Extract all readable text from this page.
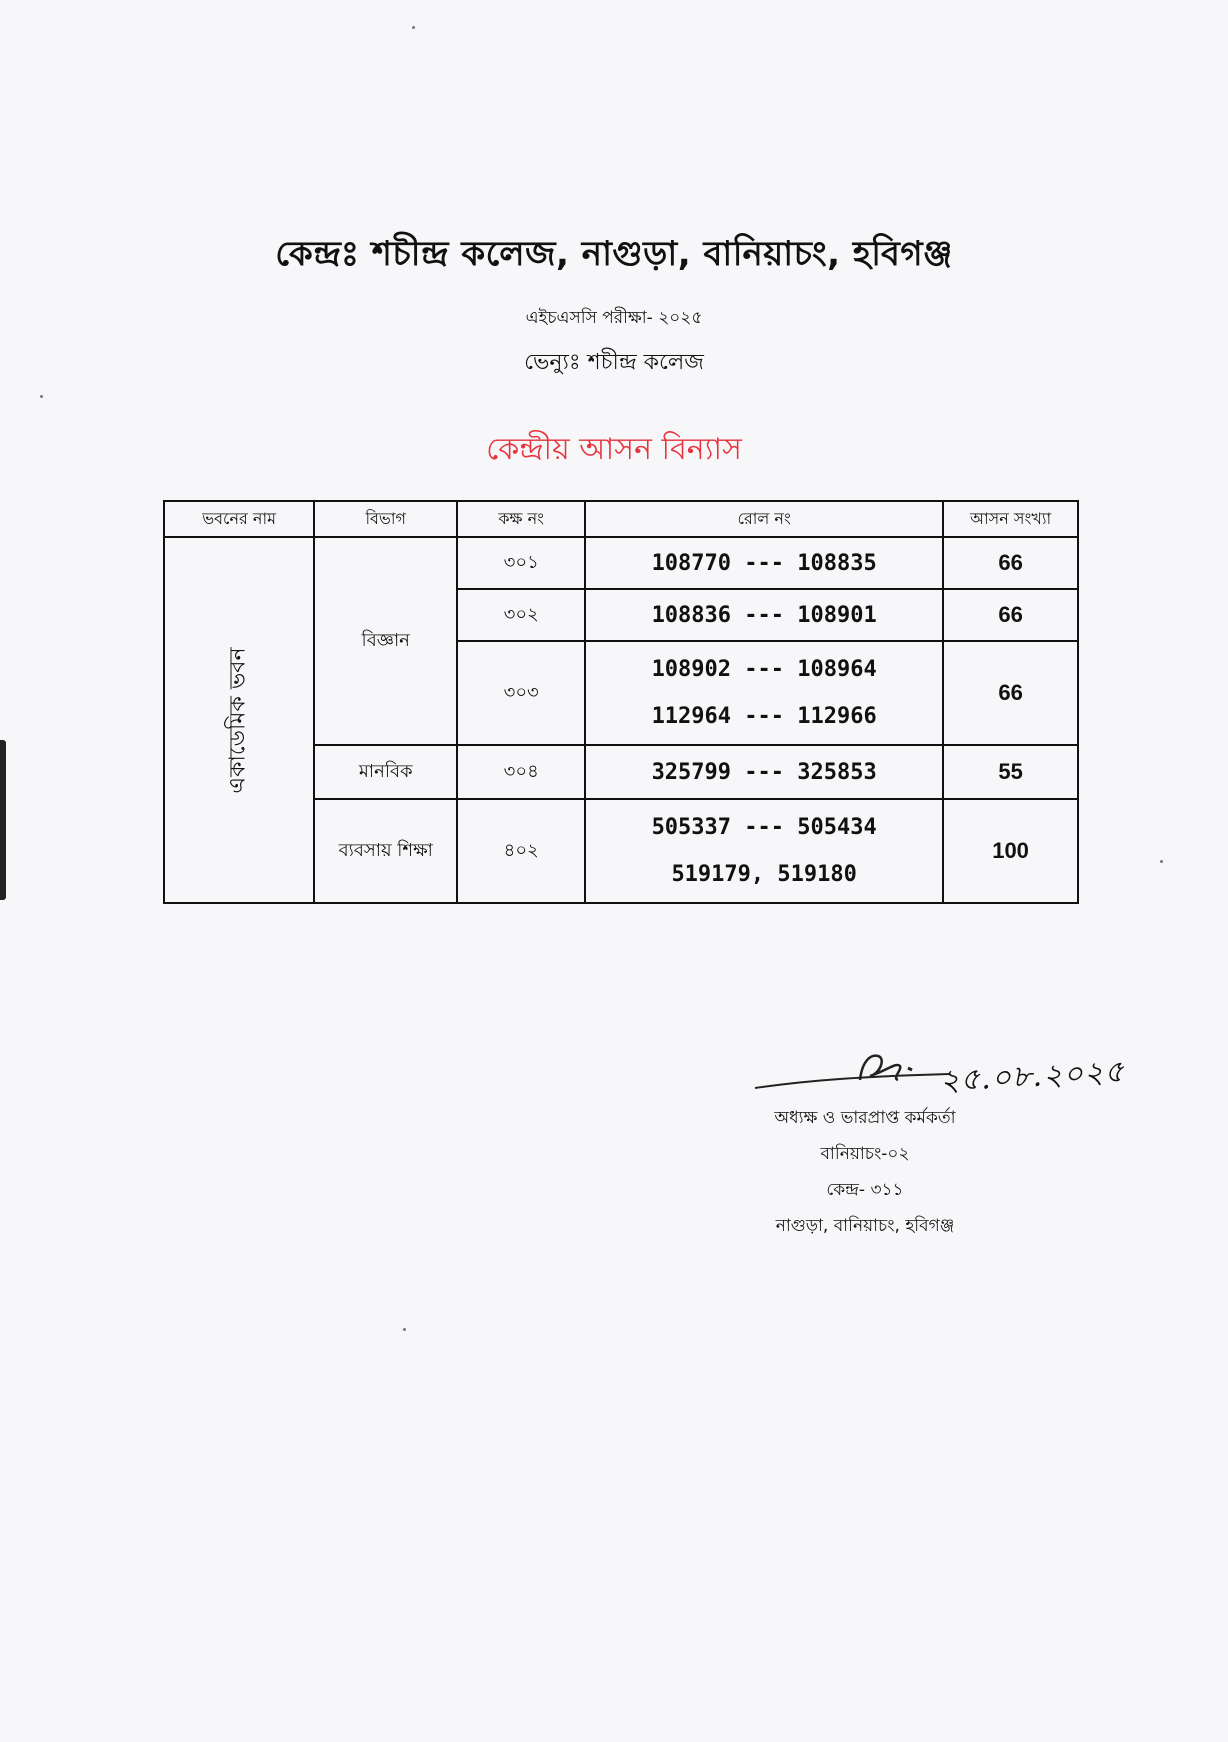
কেন্দ্রঃ শচীন্দ্র কলেজ, নাগুড়া, বানিয়াচং, হবিগঞ্জ
এইচএসসি পরীক্ষা- ২০২৫
ভেন্যুঃ শচীন্দ্র কলেজ
কেন্দ্রীয় আসন বিন্যাস
ভবনের নাম	বিভাগ	কক্ষ নং	রোল নং	আসন সংখ্যা
একাডেমিক ভবন	বিজ্ঞান	৩০১	108770 --- 108835	66
		৩০২	108836 --- 108901	66
		৩০৩	108902 --- 108964
112964 --- 112966	66
	মানবিক	৩০৪	325799 --- 325853	55
	ব্যবসায় শিক্ষা	৪০২	505337 --- 505434
519179, 519180	100
২৫.০৮.২০২৫
অধ্যক্ষ ও ভারপ্রাপ্ত কর্মকর্তা
বানিয়াচং-০২
কেন্দ্র- ৩১১
নাগুড়া, বানিয়াচং, হবিগঞ্জ
